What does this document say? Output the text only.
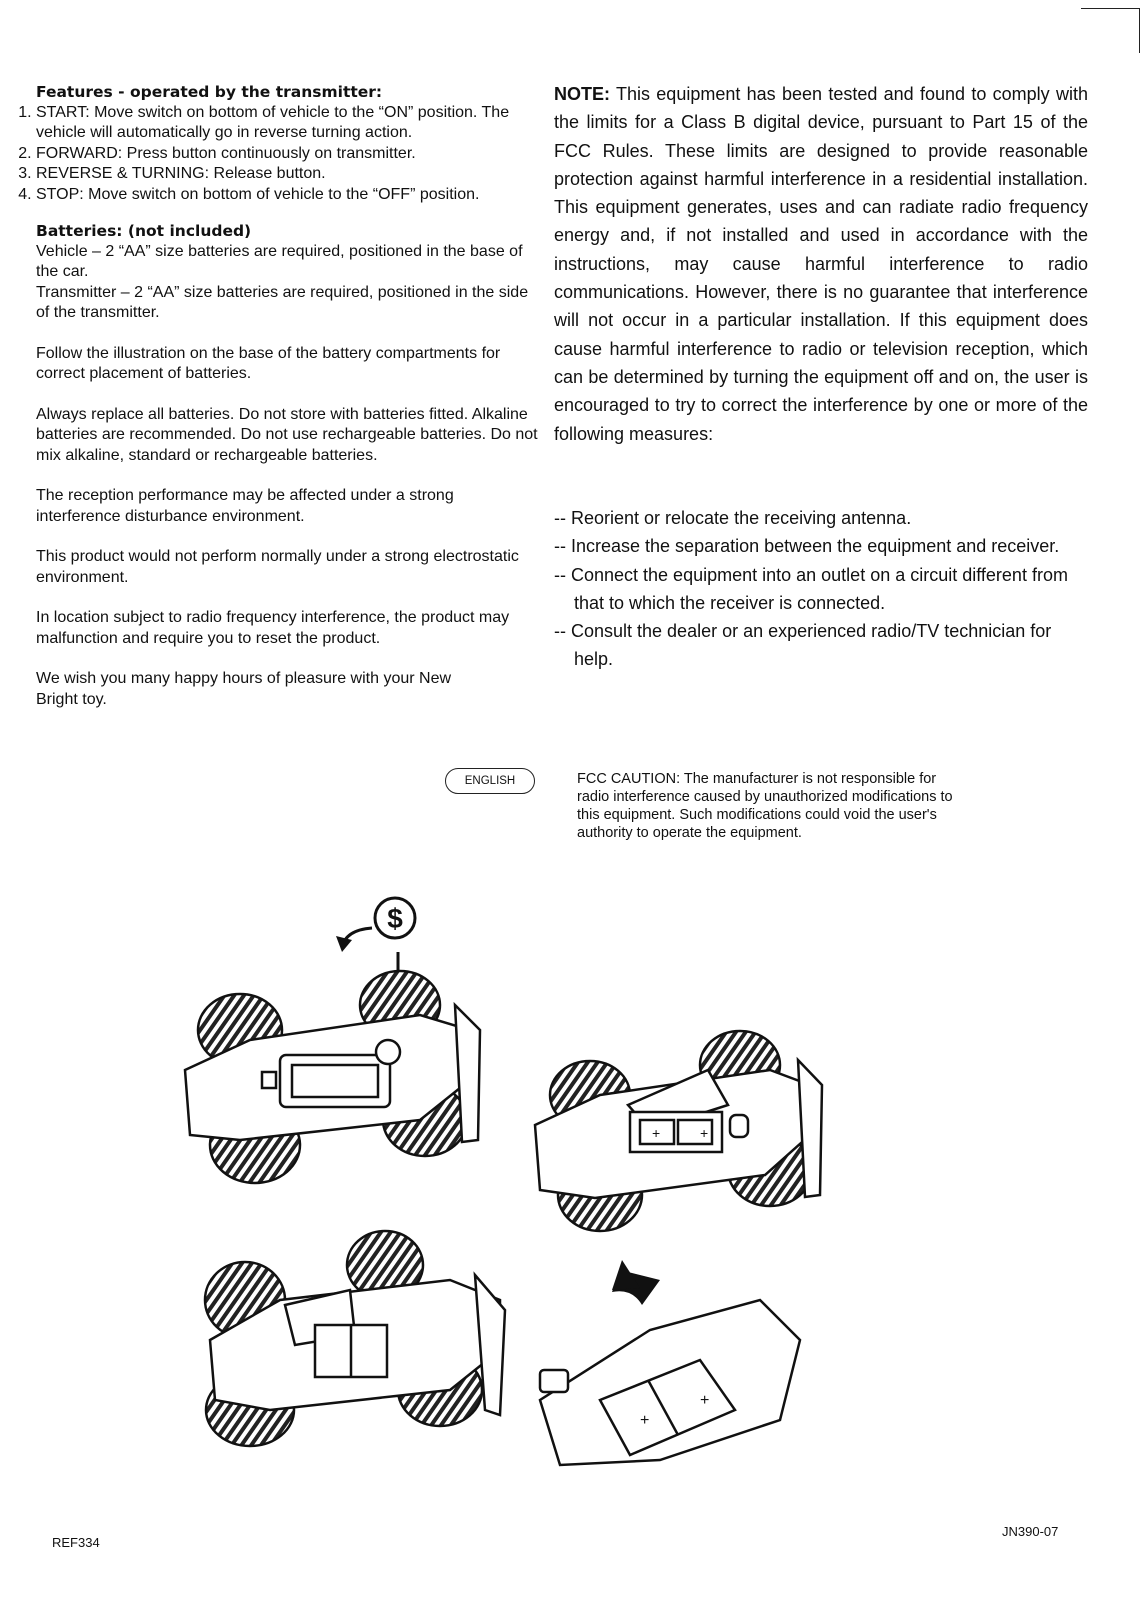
Features - operated by the transmitter:
1. START: Move switch on bottom of vehicle to the “ON” position. The vehicle will automatically go in reverse turning action.
2. FORWARD: Press button continuously on transmitter.
3. REVERSE & TURNING: Release button.
4. STOP: Move switch on bottom of vehicle to the “OFF” position.
Batteries: (not included)
Vehicle – 2 “AA” size batteries are required, positioned in the base of the car.
Transmitter – 2 “AA” size batteries are required, positioned in the side of the transmitter.
Follow the illustration on the base of the battery compartments for correct placement of batteries.
Always replace all batteries. Do not store with batteries fitted. Alkaline batteries are recommended. Do not use rechargeable batteries. Do not mix alkaline, standard or rechargeable batteries.
The reception performance may be affected under a strong interference disturbance environment.
This product would not perform normally under a strong electrostatic environment.
In location subject to radio frequency interference, the product may malfunction and require you to reset the product.
We wish you many happy hours of pleasure with your New Bright toy.
ENGLISH
NOTE: This equipment has been tested and found to comply with the limits for a Class B digital device, pursuant to Part 15 of the FCC Rules. These limits are designed to provide reasonable protection against harmful interference in a residential installation. This equipment generates, uses and can radiate radio frequency energy and, if not installed and used in accordance with the instructions, may cause harmful interference to radio communications. However, there is no guarantee that interference will not occur in a particular installation. If this equipment does cause harmful interference to radio or television reception, which can be determined by turning the equipment off and on, the user is encouraged to try to correct the interference by one or more of the following measures:
-- Reorient or relocate the receiving antenna.
-- Increase the separation between the equipment and receiver.
-- Connect the equipment into an outlet on a circuit different from that to which the receiver is connected.
-- Consult the dealer or an experienced radio/TV technician for help.
FCC CAUTION: The manufacturer is not responsible for radio interference caused by unauthorized modifications to this equipment. Such modifications could void the user's authority to operate the equipment.
$
+	+
+
+
REF334
JN390-07
